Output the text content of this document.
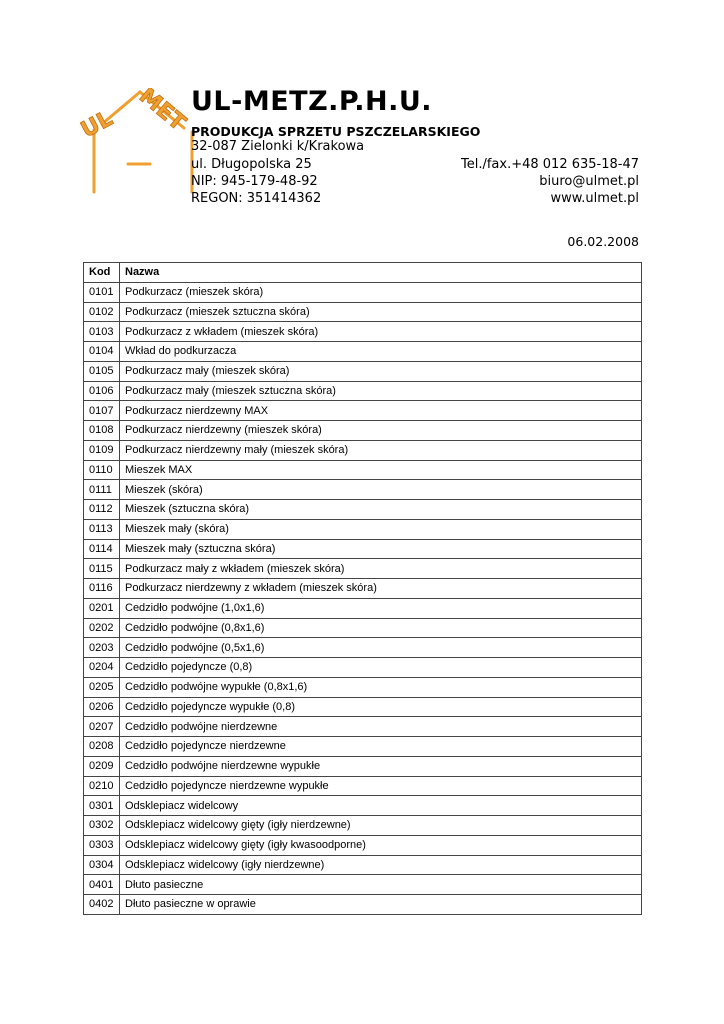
UL MET UL-METZ.P.H.U.
PRODUKCJA SPRZETU PSZCZELARSKIEGO
32-087 Zielonki k/Krakowa
ul. Długopolska 25
NIP: 945-179-48-92
REGON: 351414362
Tel./fax.+48 012 635-18-47
biuro@ulmet.pl
www.ulmet.pl
06.02.2008
Kod	Nazwa
0101	Podkurzacz (mieszek skóra)
0102	Podkurzacz (mieszek sztuczna skóra)
0103	Podkurzacz z wkładem (mieszek skóra)
0104	Wkład do podkurzacza
0105	Podkurzacz mały (mieszek skóra)
0106	Podkurzacz mały (mieszek sztuczna skóra)
0107	Podkurzacz nierdzewny MAX
0108	Podkurzacz nierdzewny (mieszek skóra)
0109	Podkurzacz nierdzewny mały (mieszek skóra)
0110	Mieszek MAX
0111	Mieszek (skóra)
0112	Mieszek (sztuczna skóra)
0113	Mieszek mały (skóra)
0114	Mieszek mały (sztuczna skóra)
0115	Podkurzacz mały z wkładem (mieszek skóra)
0116	Podkurzacz nierdzewny z wkładem (mieszek skóra)
0201	Cedzidło podwójne (1,0x1,6)
0202	Cedzidło podwójne (0,8x1,6)
0203	Cedzidło podwójne (0,5x1,6)
0204	Cedzidło pojedyncze (0,8)
0205	Cedzidło podwójne wypukłe (0,8x1,6)
0206	Cedzidło pojedyncze wypukłe (0,8)
0207	Cedzidło podwójne nierdzewne
0208	Cedzidło pojedyncze nierdzewne
0209	Cedzidło podwójne nierdzewne wypukłe
0210	Cedzidło pojedyncze nierdzewne wypukłe
0301	Odsklepiacz widelcowy
0302	Odsklepiacz widelcowy gięty (igły nierdzewne)
0303	Odsklepiacz widelcowy gięty (igły kwasoodporne)
0304	Odsklepiacz widelcowy (igły nierdzewne)
0401	Dłuto pasieczne
0402	Dłuto pasieczne w oprawie
